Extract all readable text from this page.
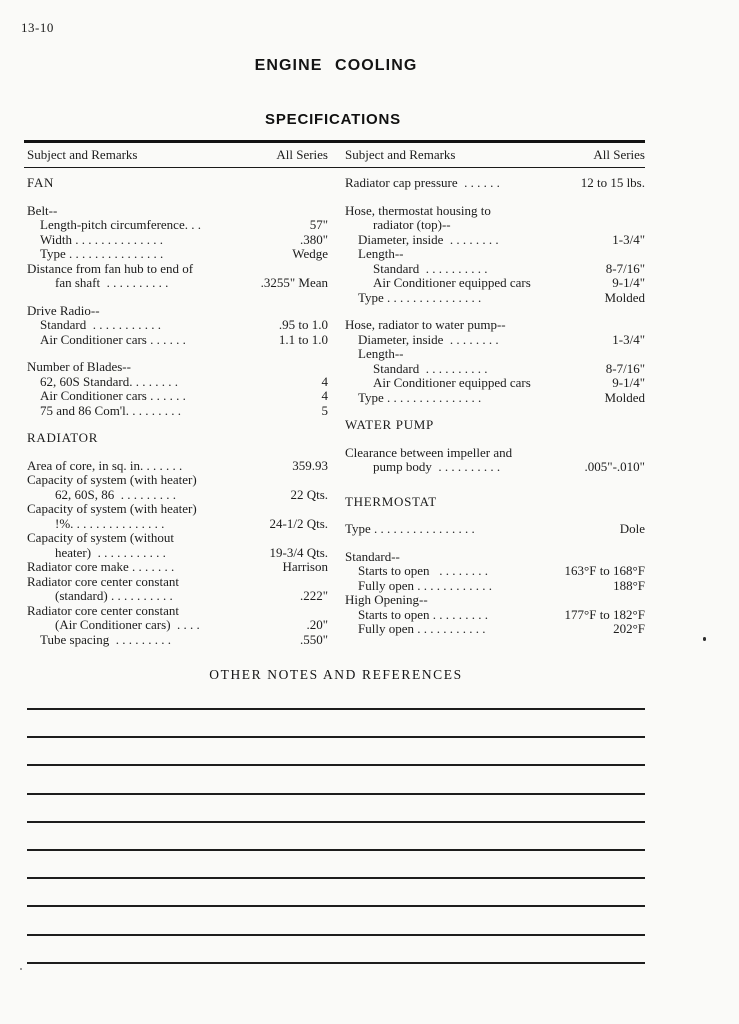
13-10
ENGINE COOLING
SPECIFICATIONS
Subject and Remarks	All Series Subject and Remarks	All Series
FAN
Belt--
Length-pitch circumference. . .	57"
Width . . . . . . . . . . . . . .	.380"
Type . . . . . . . . . . . . . . .	Wedge
Distance from fan hub to end of
fan shaft  . . . . . . . . . .	.3255" Mean
Drive Radio--
Standard  . . . . . . . . . . .	.95 to 1.0
Air Conditioner cars . . . . . .	1.1 to 1.0
Number of Blades--
62, 60S Standard. . . . . . . .	4
Air Conditioner cars . . . . . .	4
75 and 86 Com'l. . . . . . . . .	5
RADIATOR
Area of core, in sq. in. . . . . . .	359.93
Capacity of system (with heater)
62, 60S, 86  . . . . . . . . .	22 Qts.
Capacity of system (with heater)
!%. . . . . . . . . . . . . . .	24-1/2 Qts.
Capacity of system (without
heater)  . . . . . . . . . . .	19-3/4 Qts.
Radiator core make . . . . . . .	Harrison
Radiator core center constant
(standard) . . . . . . . . . .	.222"
Radiator core center constant
(Air Conditioner cars)  . . . .	.20"
Tube spacing  . . . . . . . . .	.550"
Radiator cap pressure  . . . . . .	12 to 15 lbs.
Hose, thermostat housing to
radiator (top)--
Diameter, inside  . . . . . . . .	1-3/4"
Length--
Standard  . . . . . . . . . .	8-7/16"
Air Conditioner equipped cars	9-1/4"
Type . . . . . . . . . . . . . . .	Molded
Hose, radiator to water pump--
Diameter, inside  . . . . . . . .	1-3/4"
Length--
Standard  . . . . . . . . . .	8-7/16"
Air Conditioner equipped cars	9-1/4"
Type . . . . . . . . . . . . . . .	Molded
WATER PUMP
Clearance between impeller and
pump body  . . . . . . . . . .	.005"-.010"
THERMOSTAT
Type . . . . . . . . . . . . . . . .	Dole
Standard--
Starts to open   . . . . . . . .	163°F to 168°F
Fully open . . . . . . . . . . . .	188°F
High Opening--
Starts to open . . . . . . . . .	177°F to 182°F
Fully open . . . . . . . . . . .	202°F
OTHER NOTES AND REFERENCES
